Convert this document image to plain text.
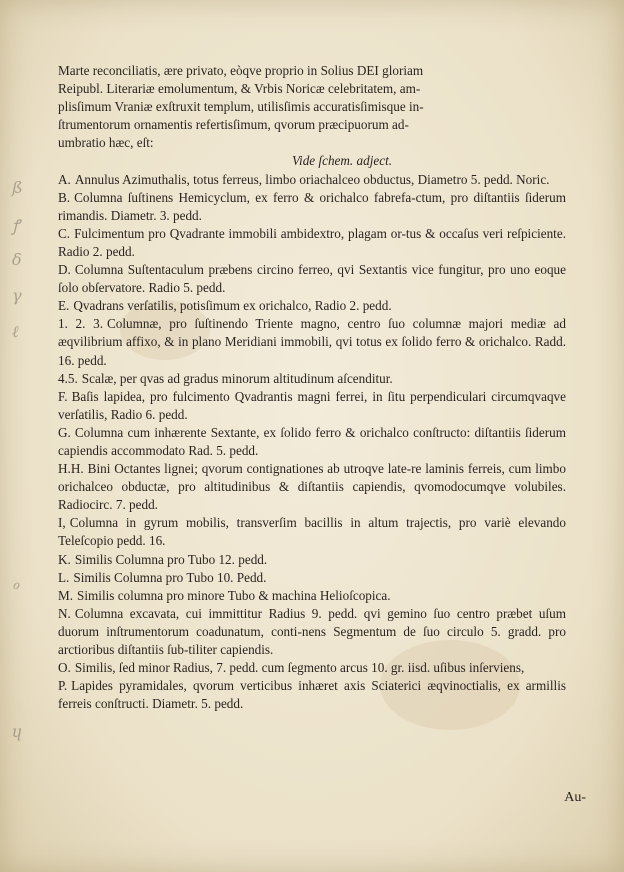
ß
ꝭ
δ
γ
ℓ
ℴ
ɥ

Marte reconciliatis, ære privato, eòqve proprio in Solius DEI gloriam

Reipubl. Literariæ emolumentum, & Vrbis Noricæ celebritatem, am-

plisſimum Vraniæ exſtruxit templum, utilisſimis accuratisſimisque in-

ſtrumentorum ornamentis refertisſimum, qvorum præcipuorum ad-

umbratio hæc, eſt:

Vide ſchem. adject.

A. Annulus Azimuthalis, totus ferreus, limbo oriachalceo obductus, Diametro 5. pedd. Noric.

B. Columna ſuſtinens Hemicyclum, ex ferro & orichalco fabrefa-ctum, pro diſtantiis ſiderum rimandis. Diametr. 3. pedd.

C. Fulcimentum pro Qvadrante immobili ambidextro, plagam or-tus & occaſus veri reſpiciente. Radio 2. pedd.

D. Columna Suſtentaculum præbens circino ferreo, qvi Sextantis vice fungitur, pro uno eoque ſolo obſervatore. Radio 5. pedd.

E. Qvadrans verſatilis, potisſimum ex orichalco, Radio 2. pedd.

1. 2. 3. Columnæ, pro ſuſtinendo Triente magno, centro ſuo columnæ majori mediæ ad æqvilibrium affixo, & in plano Meridiani immobili, qvi totus ex ſolido ferro & orichalco. Radd. 16. pedd.

4.5. Scalæ, per qvas ad gradus minorum altitudinum aſcenditur.

F. Baſis lapidea, pro fulcimento Qvadrantis magni ferrei, in ſitu perpendiculari circumqvaqve verſatilis, Radio 6. pedd.

G. Columna cum inhærente Sextante, ex ſolido ferro & orichalco conſtructo: diſtantiis ſiderum capiendis accommodato Rad. 5. pedd.

H.H. Bini Octantes lignei; qvorum contignationes ab utroqve late-re laminis ferreis, cum limbo orichalceo obductæ, pro altitudinibus & diſtantiis capiendis, qvomodocumqve volubiles. Radiocirc. 7. pedd.

I, Columna in gyrum mobilis, transverſim bacillis in altum trajectis, pro variè elevando Teleſcopio pedd. 16.

K. Similis Columna pro Tubo 12. pedd.

L. Similis Columna pro Tubo 10. Pedd.

M. Similis columna pro minore Tubo & machina Helioſcopica.

N. Columna excavata, cui immittitur Radius 9. pedd. qvi gemino ſuo centro præbet uſum duorum inſtrumentorum coadunatum, conti-nens Segmentum de ſuo circulo 5. gradd. pro arctioribus diſtantiis ſub-tiliter capiendis.

O. Similis, ſed minor Radius, 7. pedd. cum ſegmento arcus 10. gr. iisd. uſibus inſerviens,

P. Lapides pyramidales, qvorum verticibus inhæret axis Sciaterici æqvinoctialis, ex armillis ferreis conſtructi. Diametr. 5. pedd.

Au-
